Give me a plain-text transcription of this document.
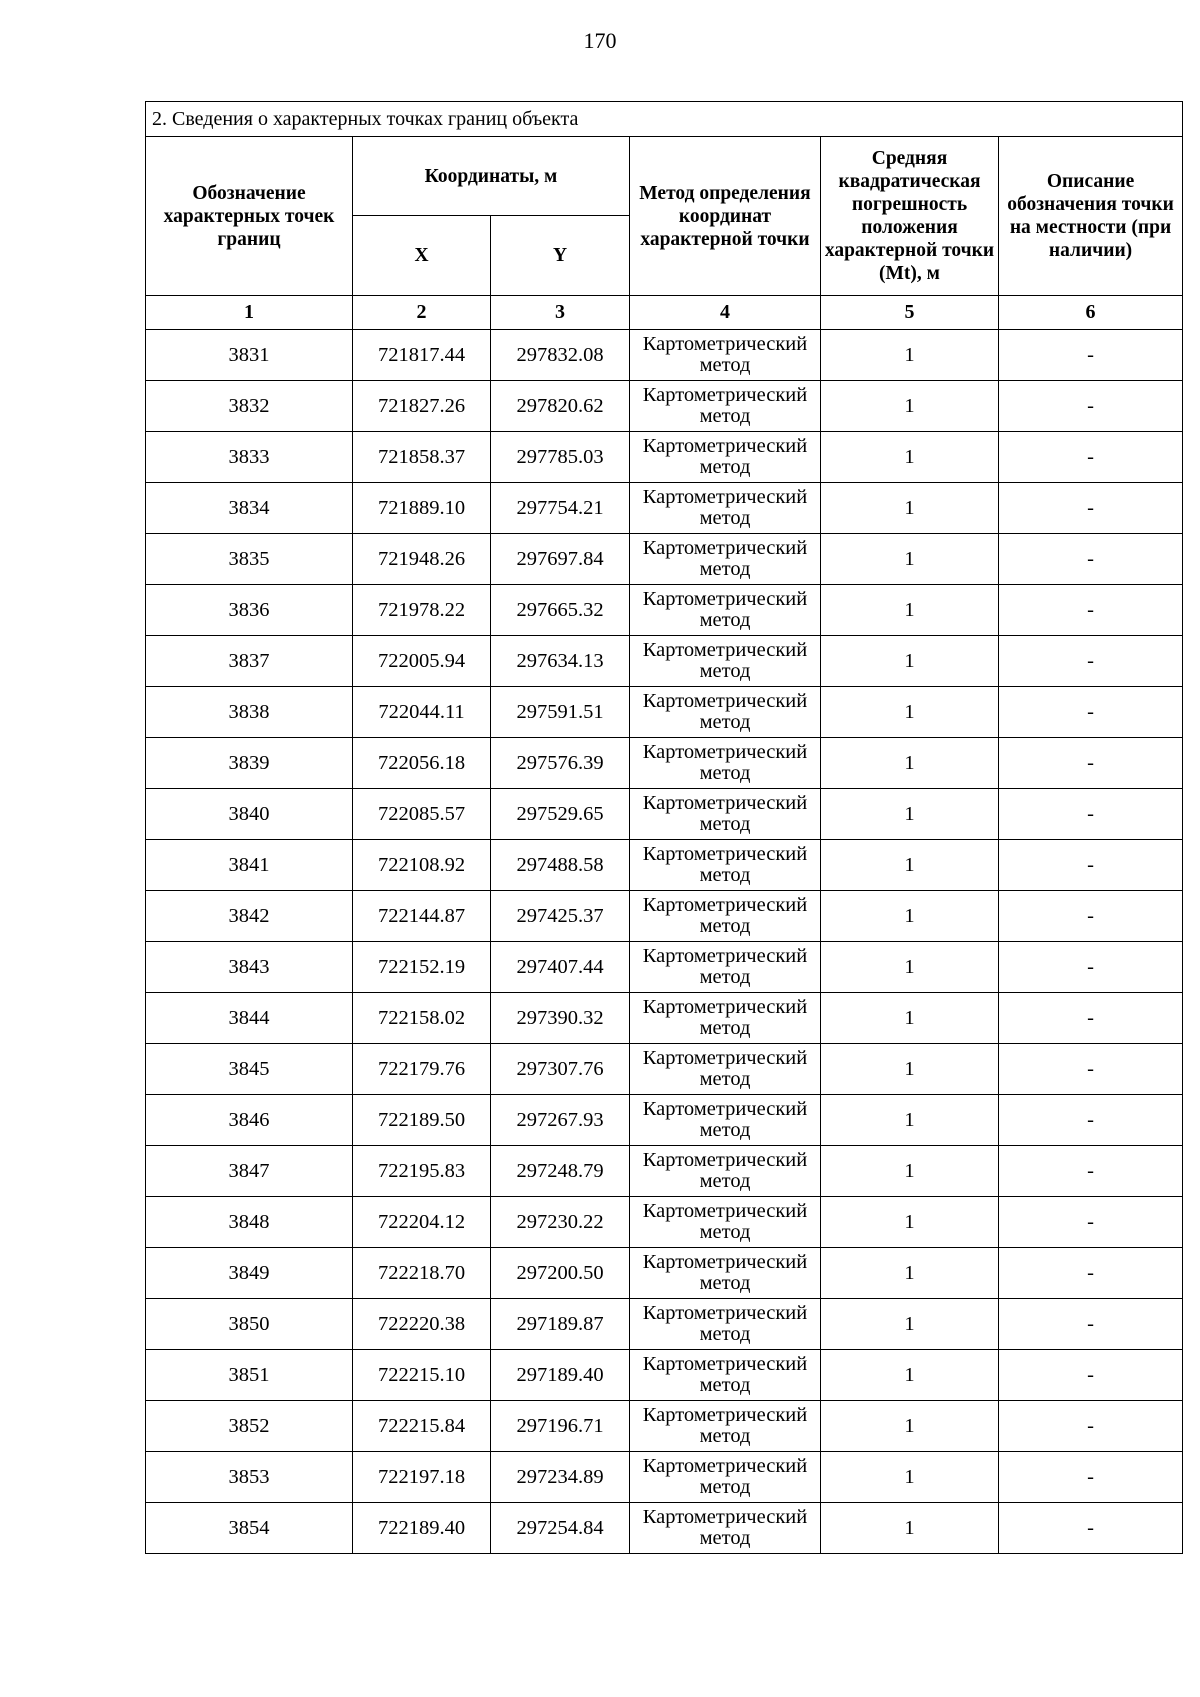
170
2. Сведения о характерных точках границ объекта					
Обозначение характерных точек границ	Координаты, м		Метод определения координат характерной точки	Средняя квадратическая погрешность положения характерной точки (Mt), м	Описание обозначения точки на местности (при наличии)
	X	Y			
1	2	3	4	5	6
3831	721817.44	297832.08	Картометрический метод	1	-
3832	721827.26	297820.62	Картометрический метод	1	-
3833	721858.37	297785.03	Картометрический метод	1	-
3834	721889.10	297754.21	Картометрический метод	1	-
3835	721948.26	297697.84	Картометрический метод	1	-
3836	721978.22	297665.32	Картометрический метод	1	-
3837	722005.94	297634.13	Картометрический метод	1	-
3838	722044.11	297591.51	Картометрический метод	1	-
3839	722056.18	297576.39	Картометрический метод	1	-
3840	722085.57	297529.65	Картометрический метод	1	-
3841	722108.92	297488.58	Картометрический метод	1	-
3842	722144.87	297425.37	Картометрический метод	1	-
3843	722152.19	297407.44	Картометрический метод	1	-
3844	722158.02	297390.32	Картометрический метод	1	-
3845	722179.76	297307.76	Картометрический метод	1	-
3846	722189.50	297267.93	Картометрический метод	1	-
3847	722195.83	297248.79	Картометрический метод	1	-
3848	722204.12	297230.22	Картометрический метод	1	-
3849	722218.70	297200.50	Картометрический метод	1	-
3850	722220.38	297189.87	Картометрический метод	1	-
3851	722215.10	297189.40	Картометрический метод	1	-
3852	722215.84	297196.71	Картометрический метод	1	-
3853	722197.18	297234.89	Картометрический метод	1	-
3854	722189.40	297254.84	Картометрический метод	1	-
